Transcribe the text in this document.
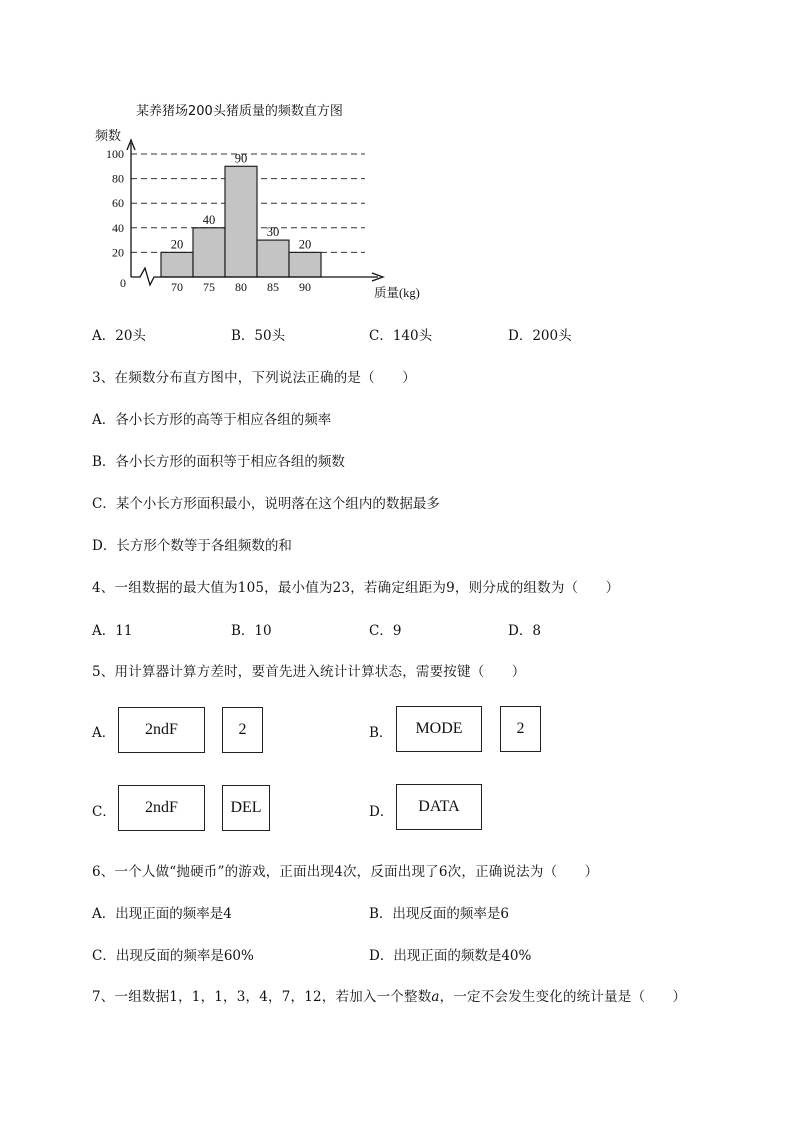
某养猪场200头猪质量的频数直方图
20
40
60
80
100
20
40
90
30
20
70 75 80 85 90
0
频数
质量(kg)
A．20头	B．50头	C．140头	D．200头
3、在频数分布直方图中，下列说法正确的是（　　）
A．各小长方形的高等于相应各组的频率
B．各小长方形的面积等于相应各组的频数
C．某个小长方形面积最小，说明落在这个组内的数据最多
D．长方形个数等于各组频数的和
4、一组数据的最大值为105，最小值为23，若确定组距为9，则分成的组数为（　　）
A．11	B．10	C．9	D．8
5、用计算器计算方差时，要首先进入统计计算状态，需要按键（　　）
A．	2ndF	2	B．	MODE	2
C．	2ndF	DEL	D．	DATA
6、一个人做“抛硬币”的游戏，正面出现4次，反面出现了6次，正确说法为（　　）
A．出现正面的频率是4	B．出现反面的频率是6
C．出现反面的频率是60%	D．出现正面的频数是40%
7、一组数据1，1，1，3，4，7，12，若加入一个整数a，一定不会发生变化的统计量是（　　）
